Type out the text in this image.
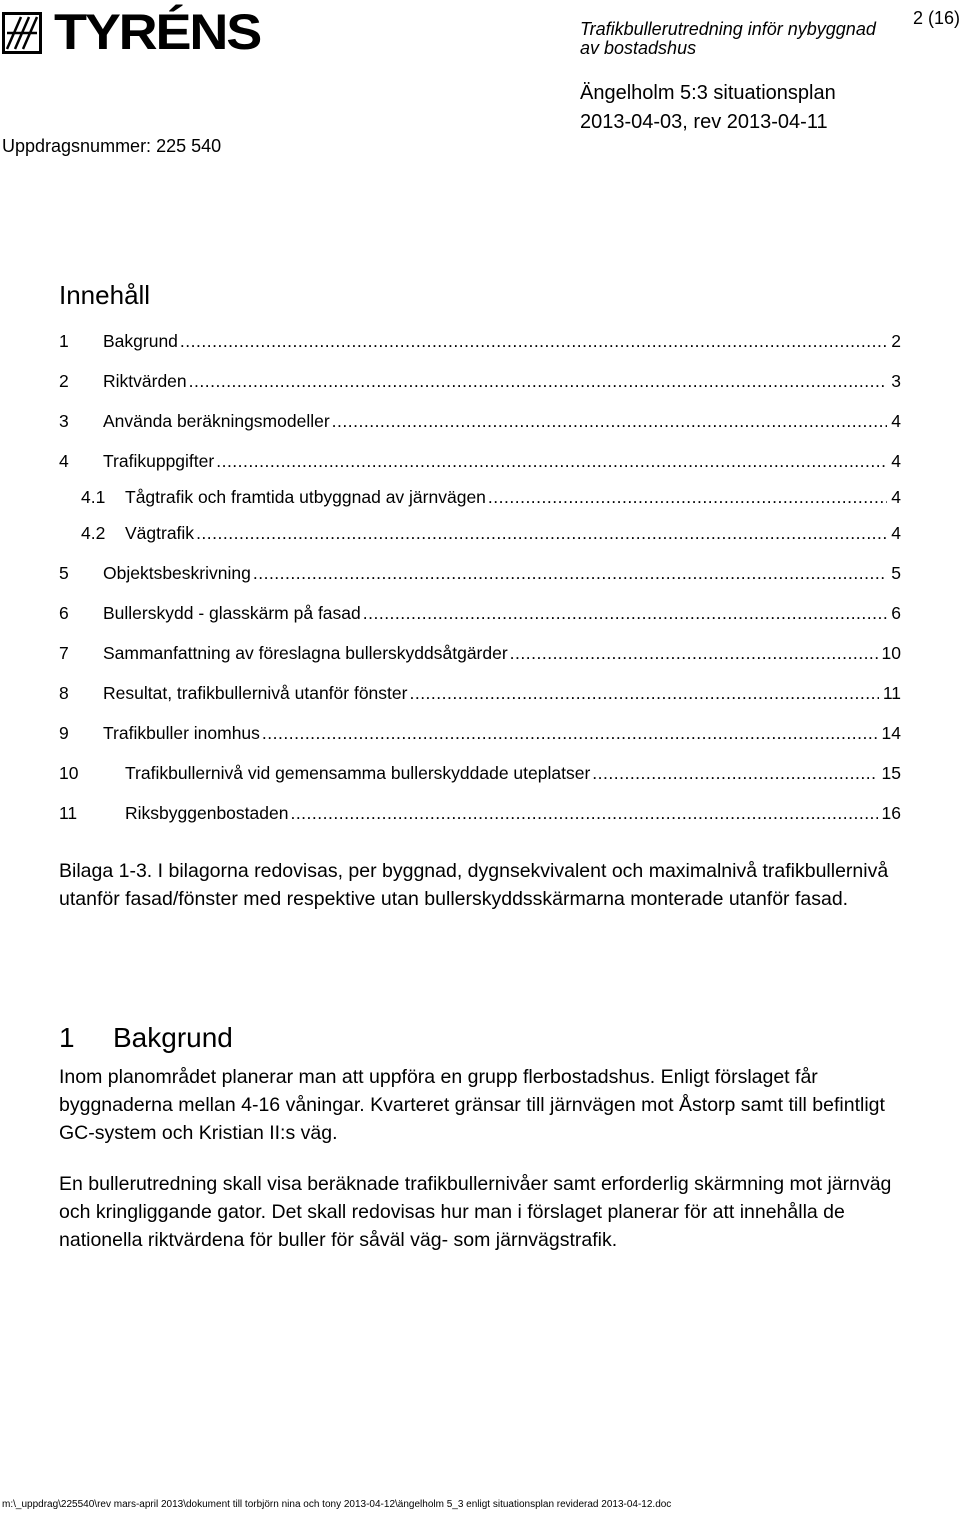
TYRÉNS	2 (16)
Trafikbullerutredning inför nybyggnad av bostadshus
Ängelholm 5:3 situationsplan
2013-04-03, rev 2013-04-11
Uppdragsnummer: 225 540
Innehåll
1	Bakgrund .....	2
2	Riktvärden .....	3
3	Använda beräkningsmodeller .....	4
4	Trafikuppgifter .....	4
4.1	Tågtrafik och framtida utbyggnad av järnvägen .....	4
4.2	Vägtrafik .....	4
5	Objektsbeskrivning .....	5
6	Bullerskydd - glasskärm på fasad .....	6
7	Sammanfattning av föreslagna bullerskyddsåtgärder .....	10
8	Resultat, trafikbullernivå utanför fönster .....	11
9	Trafikbuller inomhus .....	14
10	Trafikbullernivå vid gemensamma bullerskyddade uteplatser .....	15
11	Riksbyggenbostaden .....	16

Bilaga 1-3. I bilagorna redovisas, per byggnad, dygnsekvivalent och maximalnivå trafikbullernivå utanför fasad/fönster med respektive utan bullerskyddsskärmarna monterade utanför fasad.

1 Bakgrund

Inom planområdet planerar man att uppföra en grupp flerbostadshus. Enligt förslaget får byggnaderna mellan 4-16 våningar. Kvarteret gränsar till järnvägen mot Åstorp samt till befintligt GC-system och Kristian II:s väg.

En bullerutredning skall visa beräknade trafikbullernivåer samt erforderlig skärmning mot järnväg och kringliggande gator. Det skall redovisas hur man i förslaget planerar för att innehålla de nationella riktvärdena för buller för såväl väg- som järnvägstrafik.

m:\_uppdrag\225540\rev mars-april 2013\dokument till torbjörn nina och tony 2013-04-12\ängelholm 5_3 enligt situationsplan reviderad 2013-04-12.doc
